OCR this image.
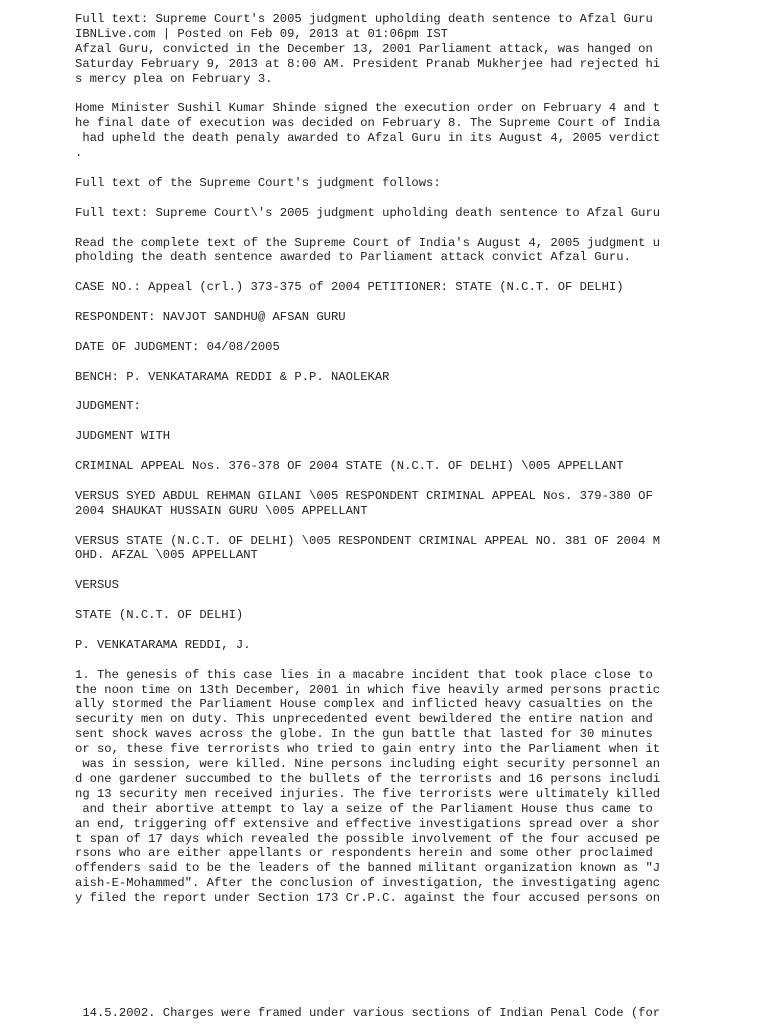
Full text: Supreme Court's 2005 judgment upholding death sentence to Afzal Guru
IBNLive.com | Posted on Feb 09, 2013 at 01:06pm IST
Afzal Guru, convicted in the December 13, 2001 Parliament attack, was hanged on
Saturday February 9, 2013 at 8:00 AM. President Pranab Mukherjee had rejected hi
s mercy plea on February 3.

Home Minister Sushil Kumar Shinde signed the execution order on February 4 and t
he final date of execution was decided on February 8. The Supreme Court of India
had upheld the death penaly awarded to Afzal Guru in its August 4, 2005 verdict
.

Full text of the Supreme Court's judgment follows:

Full text: Supreme Court\'s 2005 judgment upholding death sentence to Afzal Guru

Read the complete text of the Supreme Court of India's August 4, 2005 judgment u
pholding the death sentence awarded to Parliament attack convict Afzal Guru.

CASE NO.: Appeal (crl.) 373-375 of 2004 PETITIONER: STATE (N.C.T. OF DELHI)

RESPONDENT: NAVJOT SANDHU@ AFSAN GURU

DATE OF JUDGMENT: 04/08/2005

BENCH: P. VENKATARAMA REDDI & P.P. NAOLEKAR

JUDGMENT:

JUDGMENT WITH

CRIMINAL APPEAL Nos. 376-378 OF 2004 STATE (N.C.T. OF DELHI) \005 APPELLANT

VERSUS SYED ABDUL REHMAN GILANI \005 RESPONDENT CRIMINAL APPEAL Nos. 379-380 OF
2004 SHAUKAT HUSSAIN GURU \005 APPELLANT

VERSUS STATE (N.C.T. OF DELHI) \005 RESPONDENT CRIMINAL APPEAL NO. 381 OF 2004 M
OHD. AFZAL \005 APPELLANT

VERSUS

STATE (N.C.T. OF DELHI)

P. VENKATARAMA REDDI, J.

1. The genesis of this case lies in a macabre incident that took place close to
the noon time on 13th December, 2001 in which five heavily armed persons practic
ally stormed the Parliament House complex and inflicted heavy casualties on the
security men on duty. This unprecedented event bewildered the entire nation and
sent shock waves across the globe. In the gun battle that lasted for 30 minutes
or so, these five terrorists who tried to gain entry into the Parliament when it
was in session, were killed. Nine persons including eight security personnel an
d one gardener succumbed to the bullets of the terrorists and 16 persons includi
ng 13 security men received injuries. The five terrorists were ultimately killed
and their abortive attempt to lay a seize of the Parliament House thus came to
an end, triggering off extensive and effective investigations spread over a shor
t span of 17 days which revealed the possible involvement of the four accused pe
rsons who are either appellants or respondents herein and some other proclaimed
offenders said to be the leaders of the banned militant organization known as "J
aish-E-Mohammed". After the conclusion of investigation, the investigating agenc
y filed the report under Section 173 Cr.P.C. against the four accused persons on

14.5.2002. Charges were framed under various sections of Indian Penal Code (for
